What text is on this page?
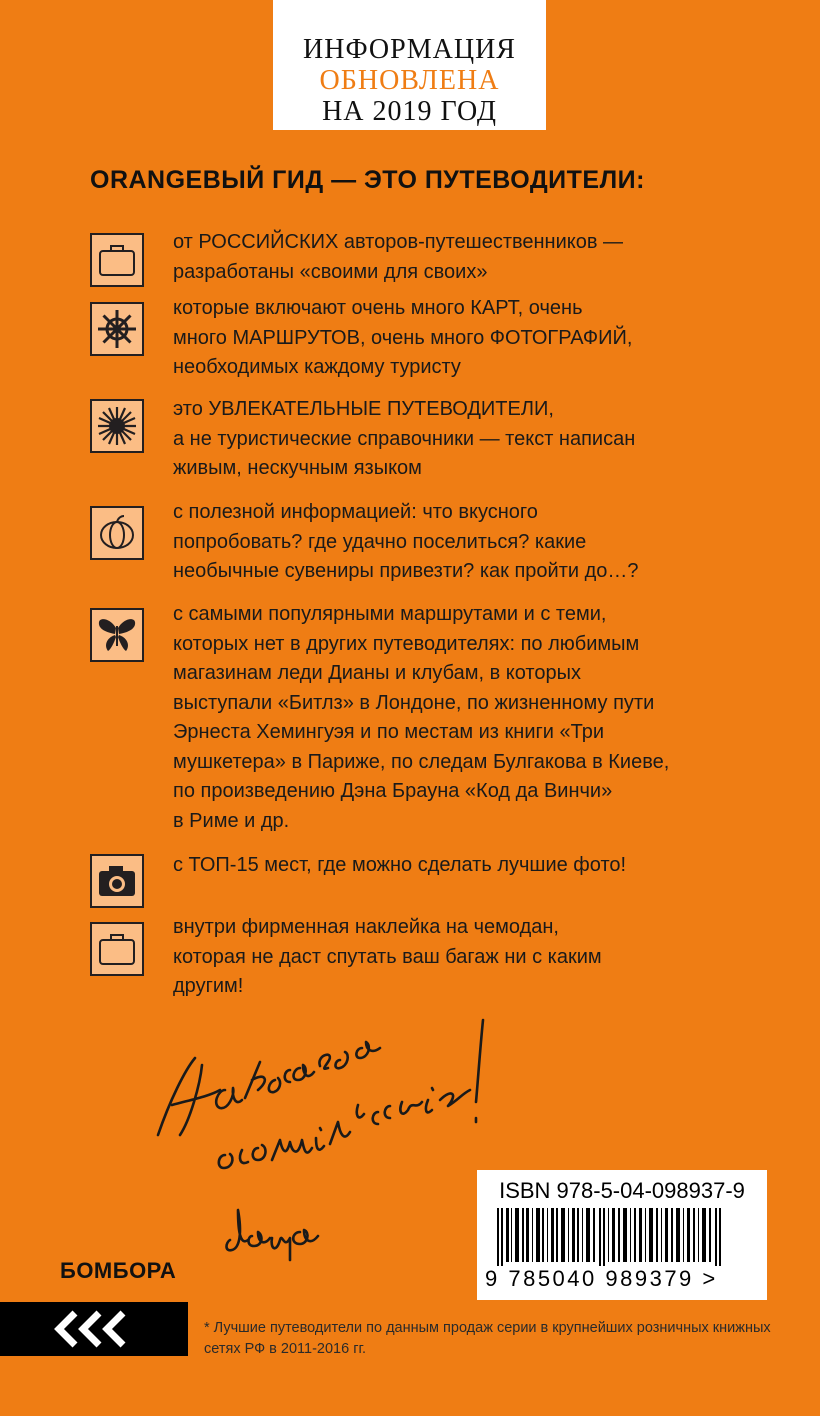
ИНФОРМАЦИЯ
ОБНОВЛЕНА
НА 2019 ГОД
ORANGEВЫЙ ГИД — ЭТО ПУТЕВОДИТЕЛИ:
от РОССИЙСКИХ авторов-путешественников —
разработаны «своими для своих»
которые включают очень много КАРТ, очень
много МАРШРУТОВ, очень много ФОТОГРАФИЙ,
необходимых каждому туристу
это УВЛЕКАТЕЛЬНЫЕ ПУТЕВОДИТЕЛИ,
а не туристические справочники — текст написан
живым, нескучным языком
с полезной информацией: что вкусного
попробовать? где удачно поселиться? какие
необычные сувениры привезти? как пройти до…?
с самыми популярными маршрутами и с теми,
которых нет в других путеводителях: по любимым
магазинам леди Дианы и клубам, в которых
выступали «Битлз» в Лондоне, по жизненному пути
Эрнеста Хемингуэя и по местам из книги «Три
мушкетера» в Париже, по следам Булгакова в Киеве,
по произведению Дэна Брауна «Код да Винчи»
в Риме и др.
с ТОП-15 мест, где можно сделать лучшие фото!
внутри фирменная наклейка на чемодан,
которая не даст спутать ваш багаж ни с каким
другим!
БОМБОРА
ISBN 978-5-04-098937-9
9 785040 989379 >
* Лучшие путеводители по данным продаж серии в крупнейших розничных книжных сетях РФ в 2011-2016 гг.
